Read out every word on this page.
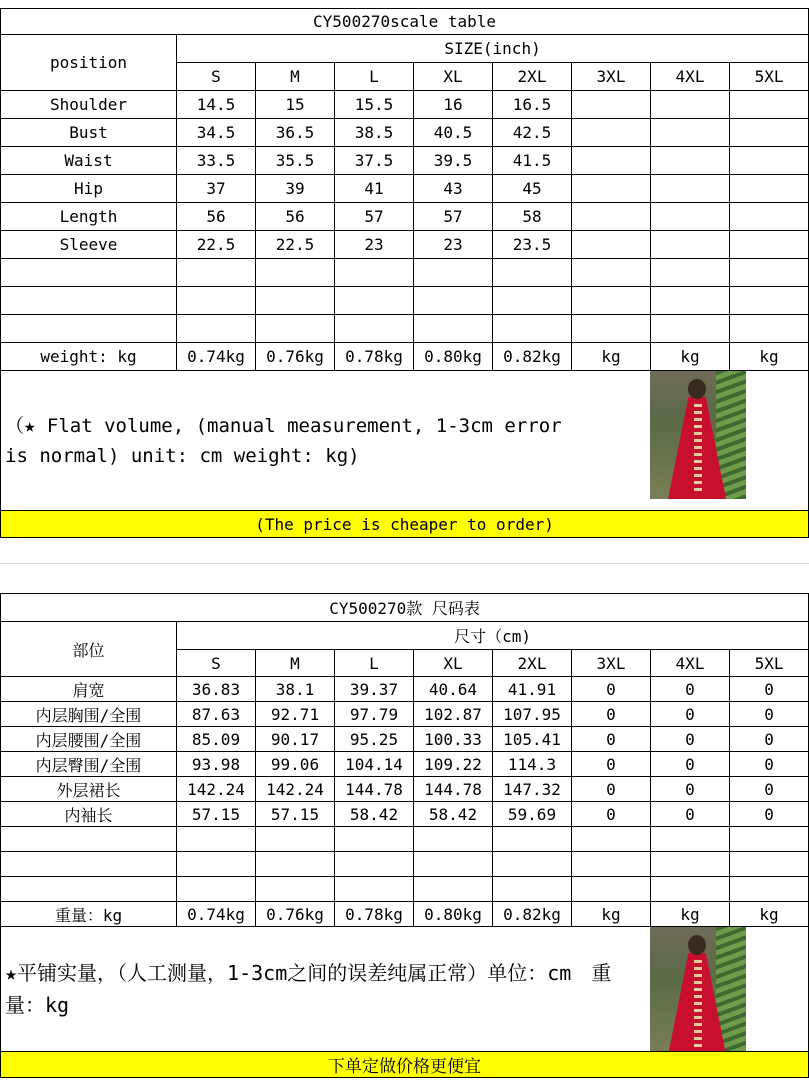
CY500270scale table								
position	SIZE(inch)							
	S	M	L	XL	2XL	3XL	4XL	5XL
Shoulder	14.5	15	15.5	16	16.5			
Bust	34.5	36.5	38.5	40.5	42.5			
Waist	33.5	35.5	37.5	39.5	41.5			
Hip	37	39	41	43	45			
Length	56	56	57	57	58			
Sleeve	22.5	22.5	23	23	23.5			

weight: kg	0.74kg	0.76kg	0.78kg	0.80kg	0.82kg	kg	kg	kg

（★ Flat volume, (manual measurement, 1-3cm error is normal) unit: cm weight: kg)								

(The price is cheaper to order)								
CY500270款 尺码表								
部位	尺寸（cm)							
	S	M	L	XL	2XL	3XL	4XL	5XL
肩宽	36.83	38.1	39.37	40.64	41.91	0	0	0
内层胸围/全围	87.63	92.71	97.79	102.87	107.95	0	0	0
内层腰围/全围	85.09	90.17	95.25	100.33	105.41	0	0	0
内层臀围/全围	93.98	99.06	104.14	109.22	114.3	0	0	0
外层裙长	142.24	142.24	144.78	144.78	147.32	0	0	0
内袖长	57.15	57.15	58.42	58.42	59.69	0	0	0

重量：kg	0.74kg	0.76kg	0.78kg	0.80kg	0.82kg	kg	kg	kg

★平铺实量，（人工测量，1-3cm之间的误差纯属正常）单位：cm　重量：kg								

下单定做价格更便宜								
